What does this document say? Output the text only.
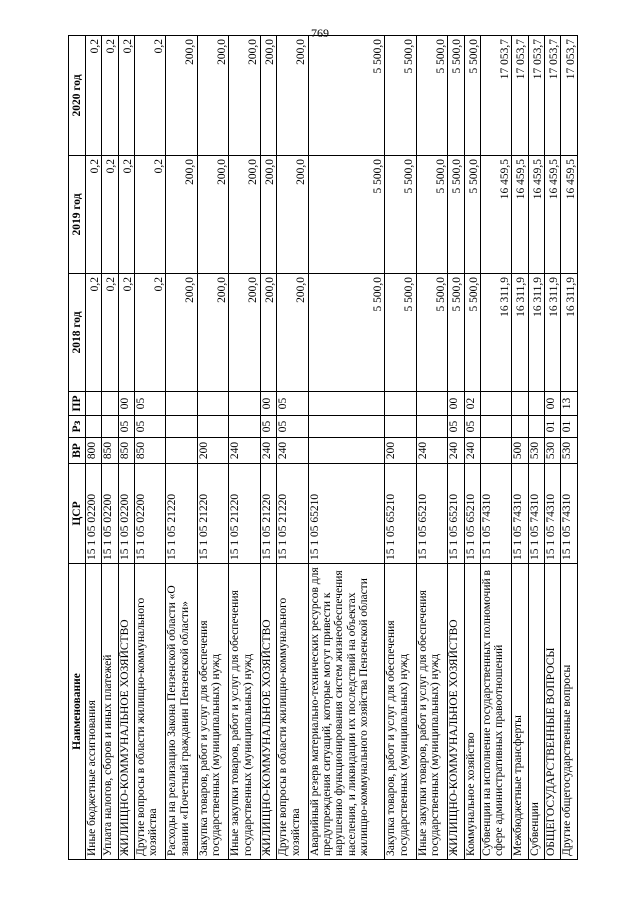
769
Наименование	ЦСР	ВР	Рз	ПР	2018 год	2019 год	2020 год
Иные бюджетные ассигнования	15 1 05 02200	800			0,2	0,2	0,2
Уплата налогов, сборов и иных платежей	15 1 05 02200	850			0,2	0,2	0,2
ЖИЛИЩНО-КОММУНАЛЬНОЕ ХОЗЯЙСТВО	15 1 05 02200	850	05	00	0,2	0,2	0,2
Другие вопросы в области жилищно-коммунального хозяйства	15 1 05 02200	850	05	05	0,2	0,2	0,2
Расходы на реализацию Закона Пензенской области «О звании «Почетный гражданин Пензенской области»	15 1 05 21220				200,0	200,0	200,0
Закупка товаров, работ и услуг для обеспечения государственных (муниципальных) нужд	15 1 05 21220	200			200,0	200,0	200,0
Иные закупки товаров, работ и услуг для обеспечения государственных (муниципальных) нужд	15 1 05 21220	240			200,0	200,0	200,0
ЖИЛИЩНО-КОММУНАЛЬНОЕ ХОЗЯЙСТВО	15 1 05 21220	240	05	00	200,0	200,0	200,0
Другие вопросы в области жилищно-коммунального хозяйства	15 1 05 21220	240	05	05	200,0	200,0	200,0
Аварийный резерв материально-технических ресурсов для предупреждения ситуаций, которые могут привести к нарушению функционирования систем жизнеобеспечения населения, и ликвидации их последствий на объектах жилищно-коммунального хозяйства Пензенской области	15 1 05 65210				5 500,0	5 500,0	5 500,0
Закупка товаров, работ и услуг для обеспечения государственных (муниципальных) нужд	15 1 05 65210	200			5 500,0	5 500,0	5 500,0
Иные закупки товаров, работ и услуг для обеспечения государственных (муниципальных) нужд	15 1 05 65210	240			5 500,0	5 500,0	5 500,0
ЖИЛИЩНО-КОММУНАЛЬНОЕ ХОЗЯЙСТВО	15 1 05 65210	240	05	00	5 500,0	5 500,0	5 500,0
Коммунальное хозяйство	15 1 05 65210	240	05	02	5 500,0	5 500,0	5 500,0
Субвенции на исполнение государственных полномочий в сфере административных правоотношений	15 1 05 74310				16 311,9	16 459,5	17 053,7
Межбюджетные трансферты	15 1 05 74310	500			16 311,9	16 459,5	17 053,7
Субвенции	15 1 05 74310	530			16 311,9	16 459,5	17 053,7
ОБЩЕГОСУДАРСТВЕННЫЕ ВОПРОСЫ	15 1 05 74310	530	01	00	16 311,9	16 459,5	17 053,7
Другие общегосударственные вопросы	15 1 05 74310	530	01	13	16 311,9	16 459,5	17 053,7
